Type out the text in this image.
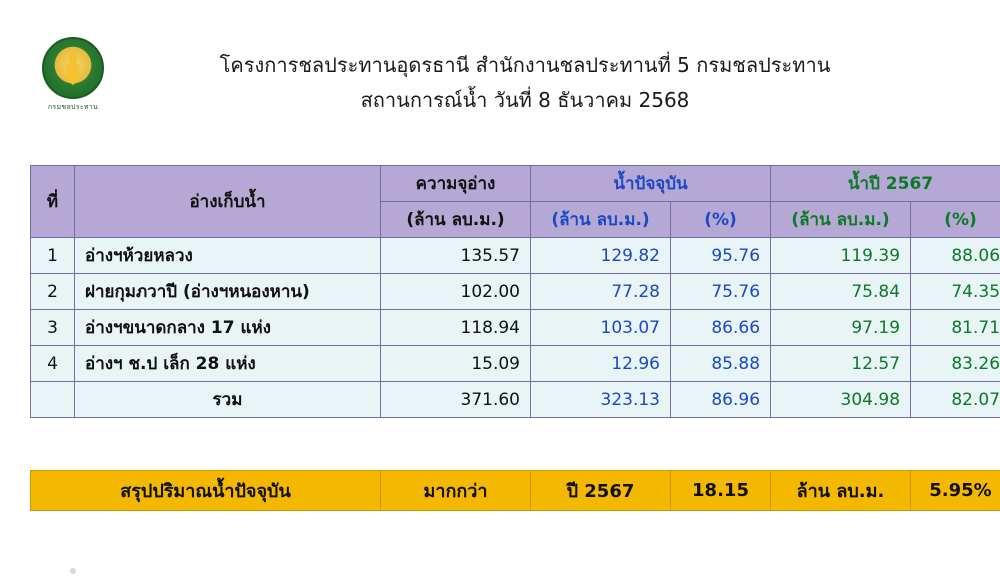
กรมชลประทาน
โครงการชลประทานอุดรธานี สำนักงานชลประทานที่ 5 กรมชลประทาน
สถานการณ์น้ำ วันที่ 8 ธันวาคม 2568
ที่	อ่างเก็บน้ำ	ความจุอ่าง	น้ำปัจจุบัน		น้ำปี 2567	
		(ล้าน ลบ.ม.)	(ล้าน ลบ.ม.)	(%)	(ล้าน ลบ.ม.)	(%)
1	อ่างฯห้วยหลวง	135.57	129.82	95.76	119.39	88.06
2	ฝายกุมภวาปี (อ่างฯหนองหาน)	102.00	77.28	75.76	75.84	74.35
3	อ่างฯขนาดกลาง 17 แห่ง	118.94	103.07	86.66	97.19	81.71
4	อ่างฯ ช.ป เล็ก 28 แห่ง	15.09	12.96	85.88	12.57	83.26
	รวม	371.60	323.13	86.96	304.98	82.07
สรุปปริมาณน้ำปัจจุบัน	มากกว่า	ปี 2567	18.15	ล้าน ลบ.ม.	5.95%
